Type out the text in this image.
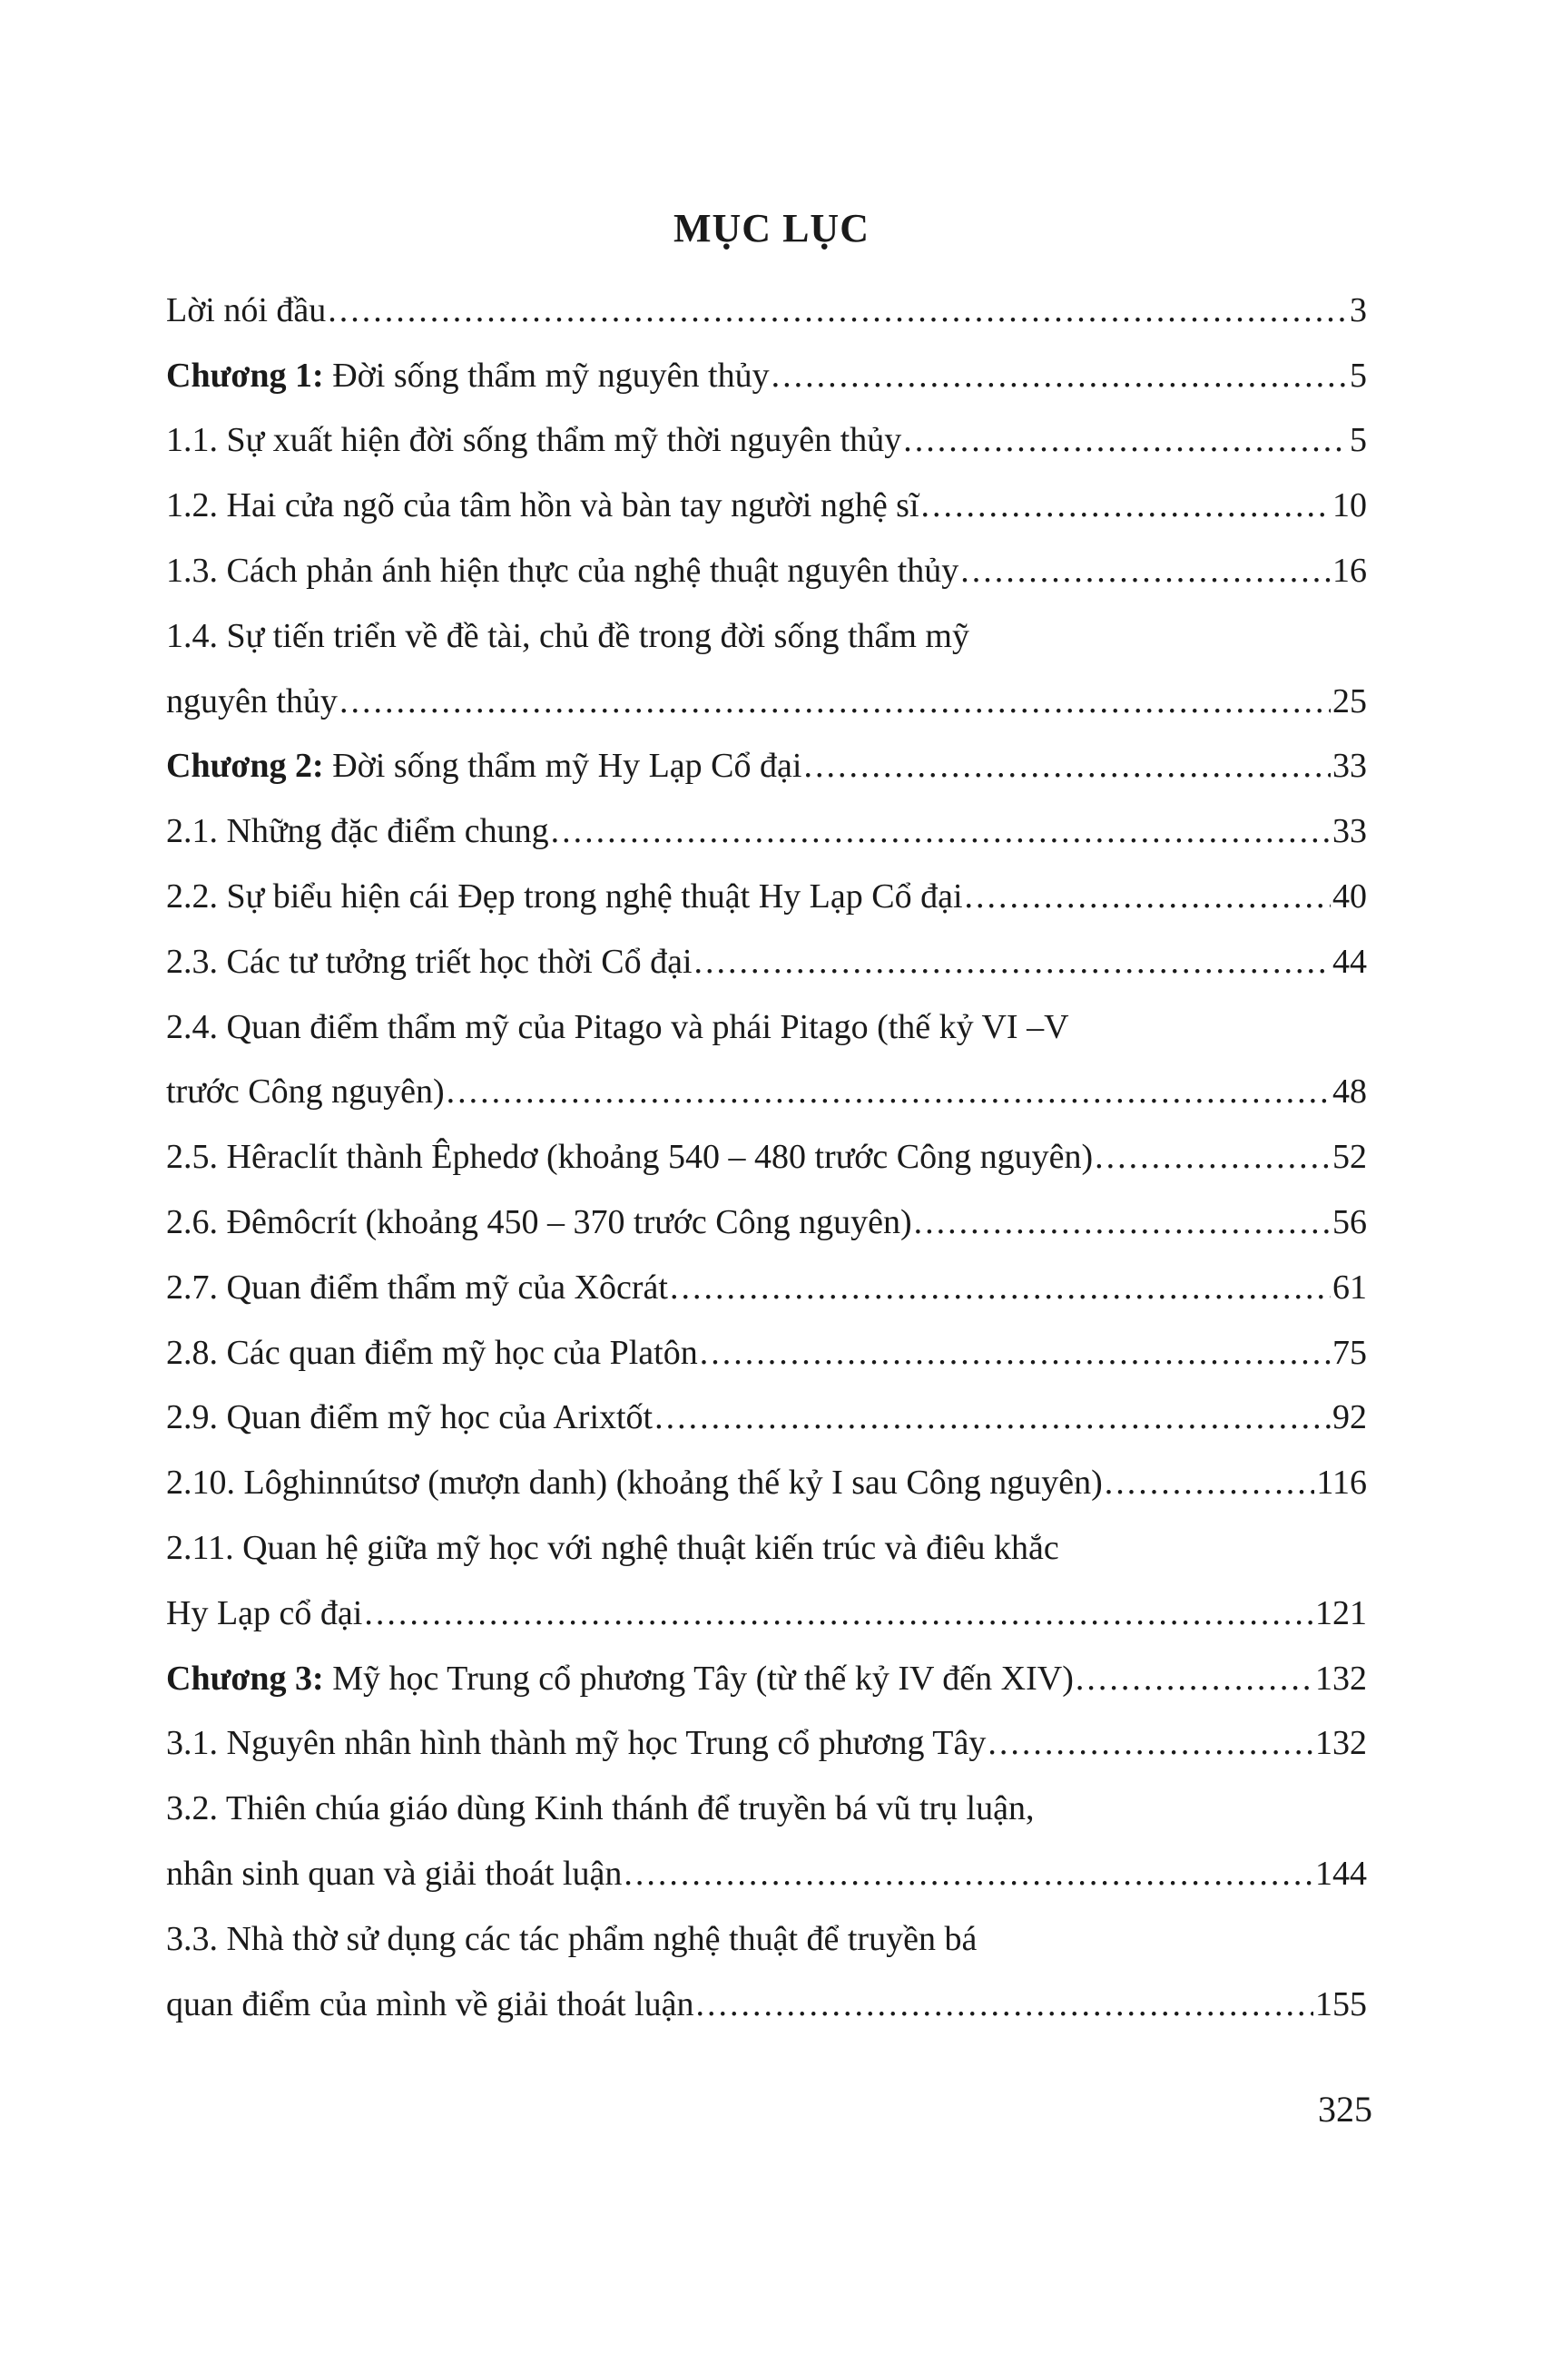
MỤC LỤC
Lời nói đầu .....	3
Chương 1: Đời sống thẩm mỹ nguyên thủy .....	5
1.1. Sự xuất hiện đời sống thẩm mỹ thời nguyên thủy .....	5
1.2. Hai cửa ngõ của tâm hồn và bàn tay người nghệ sĩ .....	10
1.3. Cách phản ánh hiện thực của nghệ thuật nguyên thủy .....	16
1.4. Sự tiến triển về đề tài, chủ đề trong đời sống thẩm mỹ
nguyên thủy .....	25
Chương 2: Đời sống thẩm mỹ Hy Lạp Cổ đại .....	33
2.1. Những đặc điểm chung .....	33
2.2. Sự biểu hiện cái Đẹp trong nghệ thuật Hy Lạp Cổ đại .....	40
2.3. Các tư tưởng triết học thời Cổ đại .....	44
2.4. Quan điểm thẩm mỹ của Pitago và phái Pitago (thế kỷ VI –V
trước Công nguyên) .....	48
2.5. Hêraclít thành Êphedơ (khoảng 540 – 480 trước Công nguyên) .....	52
2.6. Đêmôcrít (khoảng 450 – 370 trước Công nguyên) .....	56
2.7. Quan điểm thẩm mỹ của Xôcrát .....	61
2.8. Các quan điểm mỹ học của Platôn .....	75
2.9. Quan điểm mỹ học của Arixtốt .....	92
2.10. Lôghinnútsơ (mượn danh) (khoảng thế kỷ I sau Công nguyên) .....	116
2.11. Quan hệ giữa mỹ học với nghệ thuật kiến trúc và điêu khắc
Hy Lạp cổ đại .....	121
Chương 3: Mỹ học Trung cổ phương Tây (từ thế kỷ IV đến XIV) .....	132
3.1. Nguyên nhân hình thành mỹ học Trung cổ phương Tây .....	132
3.2. Thiên chúa giáo dùng Kinh thánh để truyền bá vũ trụ luận,
nhân sinh quan và giải thoát luận .....	144
3.3. Nhà thờ sử dụng các tác phẩm nghệ thuật để truyền bá
quan điểm của mình về giải thoát luận .....	155
325
